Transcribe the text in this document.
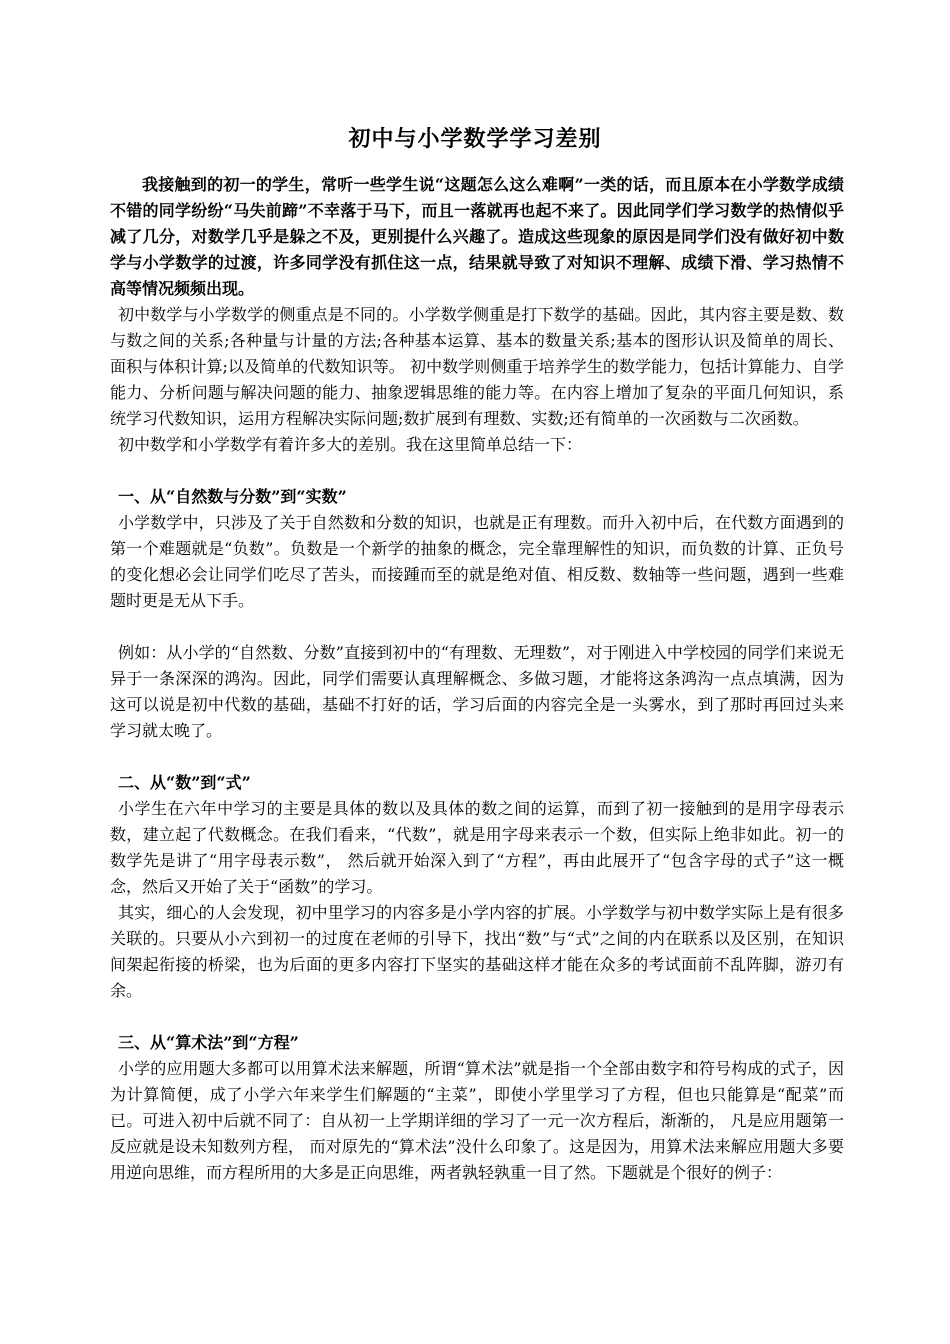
初中与小学数学学习差别

我接触到的初一的学生，常听一些学生说“这题怎么这么难啊”一类的话，而且原本在小学数学成绩不错的同学纷纷“马失前蹄”不幸落于马下，而且一落就再也起不来了。因此同学们学习数学的热情似乎减了几分，对数学几乎是躲之不及，更别提什么兴趣了。造成这些现象的原因是同学们没有做好初中数学与小学数学的过渡，许多同学没有抓住这一点，结果就导致了对知识不理解、成绩下滑、学习热情不高等情况频频出现。

初中数学与小学数学的侧重点是不同的。小学数学侧重是打下数学的基础。因此，其内容主要是数、数与数之间的关系;各种量与计量的方法;各种基本运算、基本的数量关系;基本的图形认识及简单的周长、面积与体积计算;以及简单的代数知识等。 初中数学则侧重于培养学生的数学能力，包括计算能力、自学能力、分析问题与解决问题的能力、抽象逻辑思维的能力等。在内容上增加了复杂的平面几何知识，系统学习代数知识，运用方程解决实际问题;数扩展到有理数、实数;还有简单的一次函数与二次函数。

初中数学和小学数学有着许多大的差别。我在这里简单总结一下：

一、从“自然数与分数”到“实数”

小学数学中，只涉及了关于自然数和分数的知识，也就是正有理数。而升入初中后，在代数方面遇到的第一个难题就是“负数”。负数是一个新学的抽象的概念，完全靠理解性的知识，而负数的计算、正负号的变化想必会让同学们吃尽了苦头，而接踵而至的就是绝对值、相反数、数轴等一些问题，遇到一些难题时更是无从下手。

例如：从小学的“自然数、分数”直接到初中的“有理数、无理数”，对于刚进入中学校园的同学们来说无异于一条深深的鸿沟。因此，同学们需要认真理解概念、多做习题，才能将这条鸿沟一点点填满，因为这可以说是初中代数的基础，基础不打好的话，学习后面的内容完全是一头雾水，到了那时再回过头来学习就太晚了。

二、从“数”到“式”

小学生在六年中学习的主要是具体的数以及具体的数之间的运算，而到了初一接触到的是用字母表示数，建立起了代数概念。在我们看来，“代数”，就是用字母来表示一个数，但实际上绝非如此。初一的数学先是讲了“用字母表示数”， 然后就开始深入到了“方程”，再由此展开了“包含字母的式子”这一概念，然后又开始了关于“函数”的学习。

其实，细心的人会发现，初中里学习的内容多是小学内容的扩展。小学数学与初中数学实际上是有很多关联的。只要从小六到初一的过度在老师的引导下，找出“数”与“式”之间的内在联系以及区别，在知识间架起衔接的桥梁，也为后面的更多内容打下坚实的基础这样才能在众多的考试面前不乱阵脚，游刃有余。

三、从“算术法”到“方程”

小学的应用题大多都可以用算术法来解题，所谓“算术法”就是指一个全部由数字和符号构成的式子，因为计算简便，成了小学六年来学生们解题的“主菜”，即使小学里学习了方程，但也只能算是“配菜”而已。可进入初中后就不同了：自从初一上学期详细的学习了一元一次方程后，渐渐的， 凡是应用题第一反应就是设未知数列方程， 而对原先的“算术法”没什么印象了。这是因为，用算术法来解应用题大多要用逆向思维，而方程所用的大多是正向思维，两者孰轻孰重一目了然。下题就是个很好的例子：
